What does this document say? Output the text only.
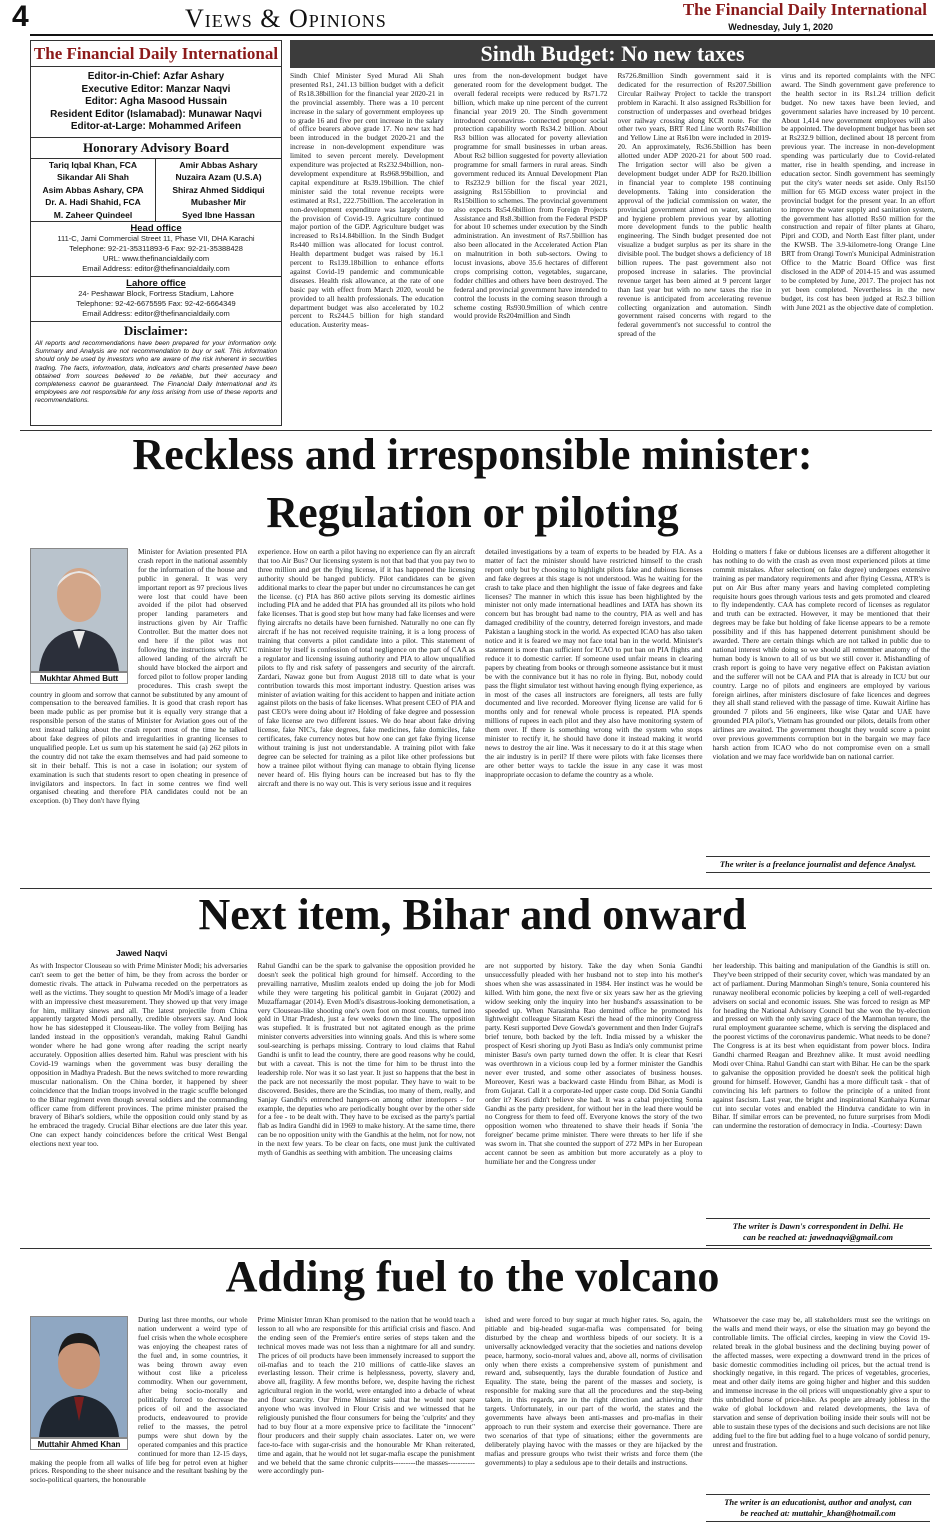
4	Views & Opinions	The Financial Daily International
Wednesday, July 1, 2020
The Financial Daily International
Editor-in-Chief: Azfar Ashary
Executive Editor: Manzar Naqvi
Editor: Agha Masood Hussain
Resident Editor (Islamabad): Munawar Naqvi
Editor-at-Large: Mohammed Arifeen
Honorary Advisory Board
Tariq Iqbal Khan, FCA	Amir Abbas Ashary
Sikandar Ali Shah	Nuzaira Azam (U.S.A)
Asim Abbas Ashary, CPA	Shiraz Ahmed Siddiqui
Dr. A. Hadi Shahid, FCA	Mubasher Mir
M. Zaheer Quindeel	Syed Ibne Hassan
Head office
111-C, Jami Commercial Street 11, Phase VII, DHA Karachi
Telephone: 92-21-35311893-6 Fax: 92-21-35388428
URL: www.thefinancialdaily.com
Email Address: editor@thefinancialdaily.com
Lahore office
24- Peshawar Block, Fortress Stadium, Lahore
Telephone: 92-42-6675595 Fax: 92-42-6664349
Email Address: editor@thefinancialdaily.com
Disclaimer:
All reports and recommendations have been prepared for your information only. Summary and Analysis are not recommendation to buy or sell. This information should only be used by investors who are aware of the risk inherent in securities trading. The facts, information, data, indicators and charts presented have been obtained from sources believed to be reliable, but their accuracy and completeness cannot be guaranteed. The Financial Daily International and its employees are not responsible for any loss arising from use of these reports and recommendations.
Sindh Budget: No new taxes
Sindh Chief Minister Syed Murad Ali Shah presented Rs1, 241.13 billion budget with a deficit of Rs18.38billion for the financial year 2020-21 in the provincial assembly. There was a 10 percent increase in the salary of government employees up to grade 16 and five per cent increase in the salary of office bearers above grade 17. No new tax had been introduced in the budget 2020-21 and the increase in non-development expenditure was limited to seven percent merely. Development expenditure was projected at Rs232.94billion, non-development expenditure at Rs968.99billion, and capital expenditure at Rs39.19billion. The chief minister said the total revenue receipts were estimated at Rs1, 222.75billion. The acceleration in non-development expenditure was largely due to the provision of Covid-19. Agriculture continued major portion of the GDP. Agriculture budget was increased to Rs14.84billion. In the Sindh Budget Rs440 million was allocated for locust control. Health department budget was raised by 16.1 percent to Rs139.18billion to enhance efforts against Covid-19 pandemic and communicable diseases. Health risk allowance, at the rate of one basic pay with effect from March 2020, would be provided to all health professionals. The education department budget was also accelerated by 10.2 percent to Rs244.5 billion for high standard education. Austerity meas-
ures from the non-development budget have generated room for the development budget. The overall federal receipts were reduced by Rs71.72 billion, which make up nine percent of the current financial year 2019 20. The Sindh government introduced coronavirus- connected propoor social protection capability worth Rs34.2 billion. About Rs3 billion was allocated for poverty alleviation programme for small businesses in urban areas. About Rs2 billion suggested for poverty alleviation programme for small farmers in rural areas. Sindh government reduced its Annual Development Plan to Rs232.9 billion for the fiscal year 2021, assigning Rs155billion to provincial and Rs15billion to schemes. The provincial government also expects Rs54.6billion from Foreign Projects Assistance and Rs8.3billion from the Federal PSDP for about 10 schemes under execution by the Sindh administration. An investment of Rs7.5billion has also been allocated in the Accelerated Action Plan on malnutrition in both sub-sectors. Owing to locust invasions, above 35.6 hectares of different crops comprising cotton, vegetables, sugarcane, fodder chillies and others have been destroyed. The federal and provincial government have intended to control the locusts in the coming season through a scheme costing Rs930.9million of which centre would provide Rs204million and Sindh
Rs726.8million Sindh government said it is dedicated for the resurrection of Rs207.5billion Circular Railway Project to tackle the transport problem in Karachi. It also assigned Rs3billion for construction of underpasses and overhead bridges over railway crossing along KCR route. For the other two years, BRT Red Line worth Rs74billion and Yellow Line at Rs61bn were included in 2019-20. An approximately, Rs36.5billion has been allotted under ADP 2020-21 for about 500 road. The Irrigation sector will also be given a development budget under ADP for Rs20.1billion in financial year to complete 198 continuing developments. Taking into consideration the approval of the judicial commission on water, the provincial government aimed on water, sanitation and hygiene problem previous year by allotting more development funds to the public health engineering. The Sindh budget presented doe not visualize a budget surplus as per its share in the divisible pool. The budget shows a deficiency of 18 billion rupees. The past government also not proposed increase in salaries. The provincial revenue target has been aimed at 9 percent larger than last year but with no new taxes the rise in revenue is anticipated from accelerating revenue collecting organization and automation. Sindh government raised concerns with regard to the federal government's not successful to control the spread of the
virus and its reported complaints with the NFC award. The Sindh government gave preference to the health sector in its Rs1.24 trillion deficit budget. No new taxes have been levied, and government salaries have increased by 10 percent. About 1,414 new government employees will also be appointed. The development budget has been set at Rs232.9 billion, declined about 18 percent from previous year. The increase in non-development spending was particularly due to Covid-related matter, rise in health spending, and increase in education sector. Sindh government has seemingly put the city's water needs set aside. Only Rs150 million for 65 MGD excess water project in the provincial budget for the present year. In an effort to improve the water supply and sanitation system, the government has allotted Rs50 million for the construction and repair of filter plants at Gharo, Pipri and COD, and North East filter plant, under the KWSB. The 3.9-kilometre-long Orange Line BRT from Orangi Town's Municipal Administration Office to the Matric Board Office was first disclosed in the ADP of 2014-15 and was assumed to be completed by June, 2017. The project has not yet been completed. Nevertheless in the new budget, its cost has been judged at Rs2.3 billion with June 2021 as the objective date of completion.
Reckless and irresponsible minister:
Regulation or piloting
Mukhtar Ahmed Butt
Minister for Aviation presented PIA crash report in the national assembly for the information of the house and public in general. It was very important report as 97 precious lives were lost that could have been avoided if the pilot had observed proper landing parameters and instructions given by Air Traffic Controller. But the matter does not end here if the pilot was not following the instructions why ATC allowed landing of the aircraft he should have blocked the airport and forced pilot to follow proper landing procedures. This crash swept the country in gloom and sorrow that cannot be substituted by any amount of compensation to the bereaved families. It is good that crash report has been made public as per promise but it is equally very strange that a responsible person of the status of Minister for Aviation goes out of the text instead talking about the crash report most of the time he talked about fake degrees of pilots and irregularities in granting licenses to unqualified people. Let us sum up his statement he said (a) 262 pilots in the country did not take the exam themselves and had paid someone to sit in their behalf. This is not a case in isolation; our system of examination is such that students resort to open cheating in presence of invigilators and inspectors. In fact in some centres we find well organised cheating and therefore PIA candidates could not be an exception. (b) They don't have flying
experience. How on earth a pilot having no experience can fly an aircraft that too Air Bus? Our licensing system is not that bad that you pay two to three million and get the flying license, if it has happened the licensing authority should be hanged publicly. Pilot candidates can be given additional marks to clear the paper but under no circumstances he can get the license. (c) PIA has 860 active pilots serving its domestic airlines including PIA and he added that PIA has grounded all its pilots who hold fake licenses. That is good step but how many had fake licenses and were flying aircrafts no details have been furnished. Naturally no one can fly aircraft if he has not received requisite training, it is a long process of training that converts a pilot candidate into a pilot. This statement of minister by itself is confession of total negligence on the part of CAA as a regulator and licensing issuing authority and PIA to allow unqualified pilots to fly and risk safety of passengers and security of the aircraft. Zardari, Nawaz gone but from August 2018 till to date what is your contribution towards this most important industry. Question arises was minister of aviation waiting for this accident to happen and initiate action against pilots on the basis of fake licenses. What present CEO of PIA and past CEO's were doing about it? Holding of fake degree and possession of fake license are two different issues. We do hear about fake driving license, fake NIC's, fake degrees, fake medicines, fake domiciles, fake certificates, fake currency notes but how one can get fake flying license without training is just not understandable. A training pilot with fake degree can be selected for training as a pilot like other professions but how a trainee pilot without flying can manage to obtain flying license never heard of. His flying hours can be increased but has to fly the aircraft and there is no way out. This is very serious issue and it requires
detailed investigations by a team of experts to be headed by FIA. As a matter of fact the minister should have restricted himself to the crash report only but by choosing to highlight pilots fake and dubious licenses and fake degrees at this stage is not understood. Was he waiting for the crash to take place and then highlight the issue of fake degrees and fake licenses? The manner in which this issue has been highlighted by the minister not only made international headlines and IATA has shown its concern but has brought bad name to the country, PIA as well and has damaged credibility of the country, deterred foreign investors, and made Pakistan a laughing stock in the world. As expected ICAO has also taken notice and it is feared we may not face total ban in the world. Minister's statement is more than sufficient for ICAO to put ban on PIA flights and reduce it to domestic carrier. If someone used unfair means in clearing papers by cheating from books or through someone assistance but it must be with the connivance but it has no role in flying. But, nobody could pass the flight simulator test without having enough flying experience, as in most of the cases all instructors are foreigners, all tests are fully documented and live recorded. Moreover flying license are valid for 6 months only and for renewal whole process is repeated. PIA spends millions of rupees in each pilot and they also have monitoring system of them over. If there is something wrong with the system who stops minister to rectify it, he should have done it instead making it world news to destroy the air line. Was it necessary to do it at this stage when the air industry is in peril? If there were pilots with fake licenses there are other better ways to tackle the issue in any case it was most inappropriate occasion to defame the country as a whole.
Holding o matters f fake or dubious licenses are a different altogether it has nothing to do with the crash as even most experienced pilots at time commit mistakes. After selection( on fake degree) undergoes extensive training as per mandatory requirements and after flying Cessna, ATR's is put on Air Bus after many years and having completed completing requisite hours goes through various tests and gets promoted and cleared to fly independently. CAA has complete record of licenses as regulator and truth can be extracted. However, it may be mentioned that their degrees may be fake but holding of fake license appears to be a remote possibility and if this has happened deterrent punishment should be awarded. There are certain things which are not talked in public due to national interest while doing so we should all remember anatomy of the human body is known to all of us but we still cover it. Mishandling of crash report is going to have very negative effect on Pakistan aviation and the sufferer will not be CAA and PIA that is already in ICU but our country. Large no of pilots and engineers are employed by various foreign airlines, after ministers disclosure of fake licences and degrees they all shall stand relieved with the passage of time. Kuwait Airline has grounded 7 pilots and 56 engineers, like wise Qatar and UAE have grounded PIA pilot's, Vietnam has grounded our pilots, details from other airlines are awaited. The government thought they would score a point over previous governments corruption but in the bargain we may face harsh action from ICAO who do not compromise even on a small violation and we may face worldwide ban on national carrier.
The writer is a freelance journalist and defence Analyst.
Next item, Bihar and onward
Jawed Naqvi
As with Inspector Clouseau so with Prime Minister Modi; his adversaries can't seem to get the better of him, be they from across the border or domestic rivals. The attack in Pulwama receded on the perpetrators as well as the victims. They sought to question Mr Modi's image of a leader with an impressive chest measurement. They showed up that very image for him, military sinews and all. The latest projectile from China apparently targeted Modi personally, credible observers say. And look how he has sidestepped it Clouseau-like. The volley from Beijing has landed instead in the opposition's verandah, making Rahul Gandhi wonder where he had gone wrong after reading the script nearly accurately. Opposition allies deserted him. Rahul was prescient with his Covid-19 warnings when the government was busy derailing the opposition in Madhya Pradesh. But the news switched to more rewarding muscular nationalism. On the China border, it happened by sheer coincidence that the Indian troops involved in the tragic scuffle belonged to the Bihar regiment even though several soldiers and the commanding officer came from different provinces. The prime minister praised the bravery of Bihar's soldiers, while the opposition could only stand by as he embraced the tragedy. Crucial Bihar elections are due later this year. One can expect handy coincidences before the critical West Bengal elections next year too.
Rahul Gandhi can be the spark to galvanise the opposition provided he doesn't seek the political high ground for himself. According to the prevailing narrative, Muslim zealots ended up doing the job for Modi while they were targeting his political gambit in Gujarat (2002) and Muzaffarnagar (2014). Even Modi's disastrous-looking demonetisation, a very Clouseau-like shooting one's own foot on most counts, turned into gold in Uttar Pradesh, just a few weeks down the line. The opposition was stupefied. It is frustrated but not agitated enough as the prime minister converts adversities into winning goals. And this is where some soul-searching is perhaps missing. Contrary to loud claims that Rahul Gandhi is unfit to lead the country, there are good reasons why he could, but with a caveat. This is not the time for him to be thrust into the leadership role. Nor was it so last year. It just so happens that the best in the pack are not necessarily the most popular. They have to wait to be discovered. Besides, there are the Scindias, too many of them, really, and Sanjay Gandhi's entrenched hangers-on among other interlopers - for example, the deputies who are periodically bought over by the other side for a fee - to be dealt with. They have to be excised as the party's partial flab as Indira Gandhi did in 1969 to make history. At the same time, there can be no opposition unity with the Gandhis at the helm, not for now, not in the next few years. To be clear on facts, one must junk the cultivated myth of Gandhis as seething with ambition. The unceasing claims
are not supported by history. Take the day when Sonia Gandhi unsuccessfully pleaded with her husband not to step into his mother's shoes when she was assassinated in 1984. Her instinct was he would be killed. With him gone, the next five or six years saw her as the grieving widow seeking only the inquiry into her husband's assassination to be speeded up. When Narasimha Rao demitted office he promoted his lightweight colleague Sitaram Kesri the head of the minority Congress party. Kesri supported Deve Gowda's government and then Inder Gujral's brief tenure, both backed by the left. India missed by a whisker the prospect of Kesri shoring up Jyoti Basu as India's only communist prime minister Basu's own party turned down the offer. It is clear that Kesri was overthrown in a vicious coup led by a former minister the Gandhis never ever trusted, and some other associates of business houses. Moreover, Kesri was a backward caste Hindu from Bihar, as Modi is from Gujarat. Call it a corporate-led upper caste coup. Did Sonia Gandhi order it? Kesri didn't believe she had. It was a cabal projecting Sonia Gandhi as the party president, for without her in the lead there would be no Congress for them to feed off. Everyone knows the story of the two opposition women who threatened to shave their heads if Sonia 'the foreigner' became prime minister. There were threats to her life if she was sworn in. That she counted the support of 272 MPs in her European accent cannot be seen as ambition but more accurately as a ploy to humiliate her and the Congress under
her leadership. This baiting and manipulation of the Gandhis is still on. They've been stripped of their security cover, which was mandated by an act of parliament. During Manmohan Singh's tenure, Sonia countered his runaway neoliberal economic policies by keeping a cell of well-regarded advisers on social and economic issues. She was forced to resign as MP for heading the National Advisory Council but she won the by-election and pressed on with the only saving grace of the Manmohan tenure, the rural employment guarantee scheme, which is serving the displaced and the poorest victims of the coronavirus pandemic. What needs to be done? The Congress is at its best when equidistant from power blocs. Indira Gandhi charmed Reagan and Brezhnev alike. It must avoid needling Modi over China. Rahul Gandhi can start with Bihar. He can be the spark to galvanise the opposition provided he doesn't seek the political high ground for himself. However, Gandhi has a more difficult task - that of convincing his left partners to follow the principle of a united front against fascism. Last year, the bright and inspirational Kanhaiya Kumar cut into secular votes and enabled the Hindutva candidate to win in Bihar. If similar errors can be prevented, no future surprises from Modi can undermine the restoration of democracy in India. -Courtesy: Dawn
The writer is Dawn's correspondent in Delhi. He
can be reached at: jawednaqvi@gmail.com
Adding fuel to the volcano
Muttahir Ahmed Khan
During last three months, our whole nation underwent a weird type of fuel crisis when the whole ecosphere was enjoying the cheapest rates of the fuel and, in some countries, it was being thrown away even without cost like a priceless commodity. When our government, after being socio-morally and politically forced to decrease the prices of oil and the associated products, endeavoured to provide relief to the masses, the petrol pumps were shut down by the operated companies and this practice continued for more than 12-15 days, making the people from all walks of life beg for petrol even at higher prices. Responding to the sheer nuisance and the resultant bashing by the socio-political quarters, the honourable
Prime Minister Imran Khan promised to the nation that he would teach a lesson to all who are responsible for this artificial crisis and fiasco. And the ending seen of the Premier's entire series of steps taken and the technical moves made was not less than a nightmare for all and sundry. The prices of oil products have been immensely increased to support the oil-mafias and to teach the 210 millions of cattle-like slaves an everlasting lesson. Their crime is helplessness, poverty, slavery and, above all, fragility. A few months before, we, despite having the richest agricultural region in the world, were entangled into a debacle of wheat and flour scarcity. Our Prime Minister said that he would not spare anyone who was involved in Flour Crisis and we witnessed that he religiously punished the flour consumers for being the 'culprits' and they had to buy flour at a more expensive price to facilitate the "innocent" flour producers and their supply chain associates. Later on, we were face-to-face with sugar-crisis and the honourable Mr Khan reiterated, time and again, that he would not let sugar-mafia escape the punishment and we beheld that the same chronic culprits---------the masses-----------were accordingly pun-
ished and were forced to buy sugar at much higher rates. So, again, the pitiable and big-headed sugar-mafia was compensated for being disturbed by the cheap and worthless bipeds of our society. It is a universally acknowledged veracity that the societies and nations develop peace, harmony, socio-moral values and, above all, norms of civilisation only when there exists a comprehensive system of punishment and reward and, subsequently, lays the durable foundation of Justice and Equality. The state, being the parent of the masses and society, is responsible for making sure that all the procedures and the step-being taken, in this regards, are in the right direction and achieving their targets. Unfortunately, in our part of the world, the states and the governments have always been anti-masses and pro-mafias in their approach to run their system and exercise their governance. There are two scenarios of that type of situations; either the governments are deliberately playing havoc with the masses or they are hijacked by the mafias and pressure groups who twist their wrists and force them (the governments) to play a sedulous ape to their details and instructions.
Whatsoever the case may be, all stakeholders must see the writings on the walls and mend their ways, or else the situation may go beyond the controllable limits. The official circles, keeping in view the Covid 19-related break in the global business and the declining buying power of the affected masses, were expecting a downward trend in the prices of basic domestic commodities including oil prices, but the actual trend is shockingly negative, in this regard. The prices of vegetables, groceries, meat and other daily items are going higher and higher and this sudden and immense increase in the oil prices will unquestionably give a spur to this unbridled horse of price-hike. As people are already jobless in the wake of global lockdown and related developments, the lava of starvation and sense of deprivation boiling inside their souls will not be able to sustain these types of the decisions and such decisions are not like adding fuel to the fire but adding fuel to a huge volcano of sordid penury, unrest and frustration.
The writer is an educationist, author and analyst, can
be reached at: muttahir_khan@hotmail.com
